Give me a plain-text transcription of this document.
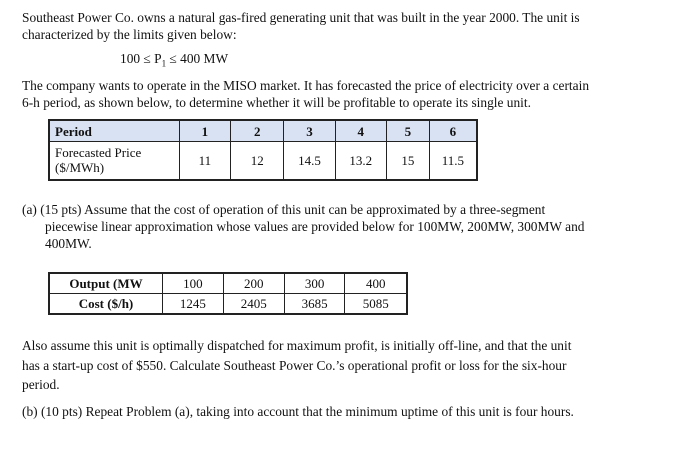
Southeast Power Co. owns a natural gas-fired generating unit that was built in the year 2000. The unit is
characterized by the limits given below:
$100 \le P_1 \le 400$ MW
The company wants to operate in the MISO market. It has forecasted the price of electricity over a certain
6-h period, as shown below, to determine whether it will be profitable to operate its single unit.
Period	1	2	3	4	5	6

Forecasted Price
($/MWh)	11	12	14.5	13.2	15	11.5
(a) (15 pts) Assume that the cost of operation of this unit can be approximated by a three-segment
piecewise linear approximation whose values are provided below for 100MW, 200MW, 300MW and
400MW.
Output (MW	100	200	300	400
Cost ($/h)	1245	2405	3685	5085
Also assume this unit is optimally dispatched for maximum profit, is initially off-line, and that the unit
has a start-up cost of $550. Calculate Southeast Power Co.’s operational profit or loss for the six-hour
period.
(b) (10 pts) Repeat Problem (a), taking into account that the minimum uptime of this unit is four hours.
